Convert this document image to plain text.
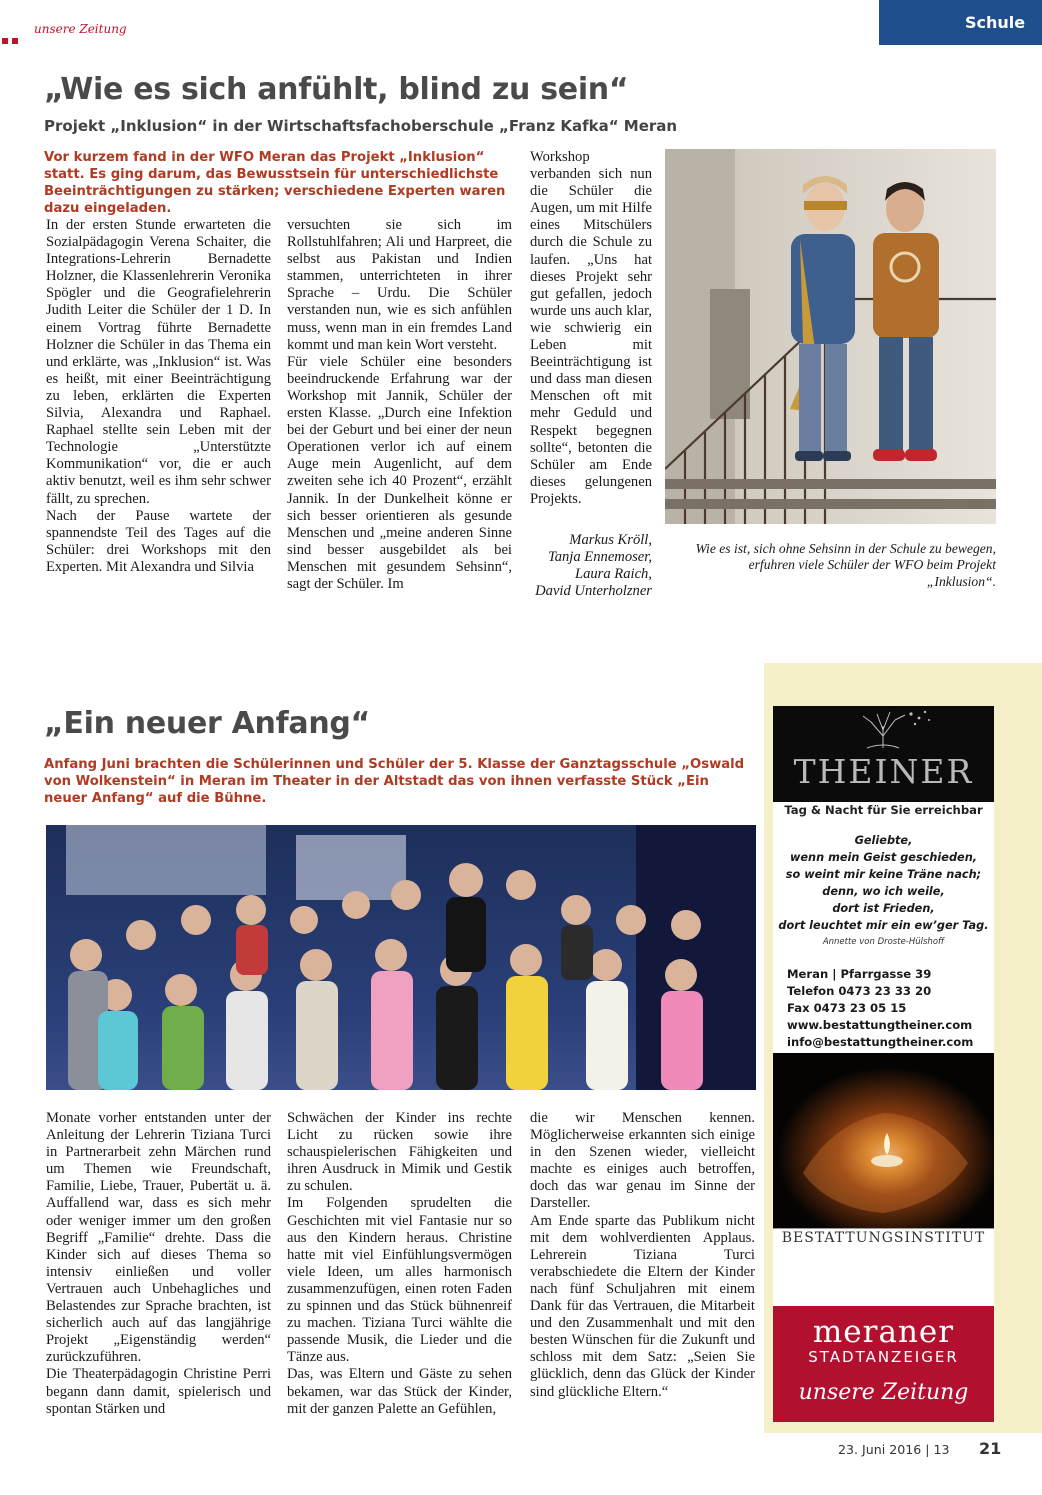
unsere Zeitung	Schule
„Wie es sich anfühlt, blind zu sein“
Projekt „Inklusion“ in der Wirtschaftsfachoberschule „Franz Kafka“ Meran
Vor kurzem fand in der WFO Meran das Projekt „Inklusion“ statt. Es ging darum, das Bewusstsein für unterschiedlichste Beeinträchtigungen zu stärken; verschiedene Experten waren dazu eingeladen.

In der ersten Stunde erwarteten die Sozialpädagogin Verena Schaiter, die Integrations-Lehrerin Bernadette Holzner, die Klassenlehrerin Veronika Spögler und die Geografielehrerin Judith Leiter die Schüler der 1 D. In einem Vortrag führte Bernadette Holzner die Schüler in das Thema ein und erklärte, was „Inklusion“ ist. Was es heißt, mit einer Beeinträchtigung zu leben, erklärten die Experten Silvia, Alexandra und Raphael. Raphael stellte sein Leben mit der Technologie „Unterstützte Kommunikation“ vor, die er auch aktiv benutzt, weil es ihm sehr schwer fällt, zu sprechen.

Nach der Pause wartete der spannendste Teil des Tages auf die Schüler: drei Workshops mit den Experten. Mit Alexandra und Silvia

versuchten sie sich im Rollstuhlfahren; Ali und Harpreet, die selbst aus Pakistan und Indien stammen, unterrichteten in ihrer Sprache – Urdu. Die Schüler verstanden nun, wie es sich anfühlen muss, wenn man in ein fremdes Land kommt und man kein Wort versteht.

Für viele Schüler eine besonders beeindruckende Erfahrung war der Workshop mit Jannik, Schüler der ersten Klasse. „Durch eine Infektion bei der Geburt und bei einer der neun Operationen verlor ich auf einem Auge mein Augenlicht, auf dem zweiten sehe ich 40 Prozent“, erzählt Jannik. In der Dunkelheit könne er sich besser orientieren als gesunde Menschen und „meine anderen Sinne sind besser ausgebildet als bei Menschen mit gesundem Sehsinn“, sagt der Schüler. Im

Workshop verbanden sich nun die Schüler die Augen, um mit Hilfe eines Mitschülers durch die Schule zu laufen. „Uns hat dieses Projekt sehr gut gefallen, jedoch wurde uns auch klar, wie schwierig ein Leben mit Beeinträchtigung ist und dass man diesen Menschen oft mit mehr Geduld und Respekt begegnen sollte“, betonten die Schüler am Ende dieses gelungenen Projekts.

Markus Kröll,
Tanja Ennemoser,
Laura Raich,
David Unterholzner
Wie es ist, sich ohne Sehsinn in der Schule zu bewegen, erfuhren viele Schüler der WFO beim Projekt „Inklusion“.
„Ein neuer Anfang“
Anfang Juni brachten die Schülerinnen und Schüler der 5. Klasse der Ganztagsschule „Oswald von Wolkenstein“ in Meran im Theater in der Altstadt das von ihnen verfasste Stück „Ein neuer Anfang“ auf die Bühne.

Monate vorher entstanden unter der Anleitung der Lehrerin Tiziana Turci in Partnerarbeit zehn Märchen rund um Themen wie Freundschaft, Familie, Liebe, Trauer, Pubertät u. ä. Auffallend war, dass es sich mehr oder weniger immer um den großen Begriff „Familie“ drehte. Dass die Kinder sich auf dieses Thema so intensiv einließen und voller Vertrauen auch Unbehagliches und Belastendes zur Sprache brachten, ist sicherlich auch auf das langjährige Projekt „Eigenständig werden“ zurückzuführen.

Die Theaterpädagogin Christine Perri begann dann damit, spielerisch und spontan Stärken und

Schwächen der Kinder ins rechte Licht zu rücken sowie ihre schauspielerischen Fähigkeiten und ihren Ausdruck in Mimik und Gestik zu schulen.

Im Folgenden sprudelten die Geschichten mit viel Fantasie nur so aus den Kindern heraus. Christine hatte mit viel Einfühlungsvermögen viele Ideen, um alles harmonisch zusammenzufügen, einen roten Faden zu spinnen und das Stück bühnenreif zu machen. Tiziana Turci wählte die passende Musik, die Lieder und die Tänze aus.

Das, was Eltern und Gäste zu sehen bekamen, war das Stück der Kinder, mit der ganzen Palette an Gefühlen,

die wir Menschen kennen. Möglicherweise erkannten sich einige in den Szenen wieder, vielleicht machte es einiges auch betroffen, doch das war genau im Sinne der Darsteller.

Am Ende sparte das Publikum nicht mit dem wohlverdienten Applaus. Lehrerein Tiziana Turci verabschiedete die Eltern der Kinder nach fünf Schuljahren mit einem Dank für das Vertrauen, die Mitarbeit und den Zusammenhalt und mit den besten Wünschen für die Zukunft und schloss mit dem Satz: „Seien Sie glücklich, denn das Glück der Kinder sind glückliche Eltern.“

THEINER
Tag & Nacht für Sie erreichbar
Geliebte,
wenn mein Geist geschieden,
so weint mir keine Träne nach;
denn, wo ich weile,
dort ist Frieden,
dort leuchtet mir ein ew’ger Tag.
Annette von Droste-Hülshoff
Meran | Pfarrgasse 39
Telefon 0473 23 33 20
Fax 0473 23 05 15
www.bestattungtheiner.com
info@bestattungtheiner.com
BESTATTUNGSINSTITUT
meraner
STADTANZEIGER
unsere Zeitung
23. Juni 2016 | 13 21
